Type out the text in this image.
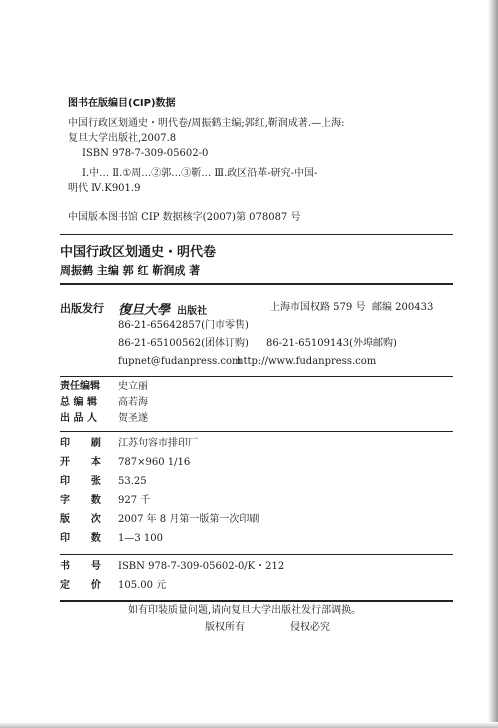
图书在版编目(CIP)数据
中国行政区划通史・明代卷/周振鹤主编;郭红,靳润成著.—上海:
复旦大学出版社,2007.8
ISBN 978-7-309-05602-0
Ⅰ.中… Ⅱ.①周…②郭…③靳… Ⅲ.政区沿革-研究-中国-
明代 Ⅳ.K901.9
中国版本图书馆 CIP 数据核字(2007)第 078087 号
中国行政区划通史・明代卷
周振鹤 主编 郭 红 靳润成 著
出版发行 復旦大學 出版社	上海市国权路 579 号 邮编 200433
86-21-65642857(门市零售)
86-21-65100562(团体订购) 86-21-65109143(外埠邮购)
fupnet@fudanpress.com
http://www.fudanpress.com
责任编辑 史立丽
总 编 辑 高若海
出 品 人 贺圣遂
印      刷 江苏句容市排印厂
开      本 787×960 1/16
印      张 53.25
字      数 927 千
版      次 2007 年 8 月第一版第一次印刷
印      数 1—3 100
书      号 ISBN 978-7-309-05602-0/K・212
定      价 105.00 元
如有印装质量问题,请向复旦大学出版社发行部调换。
版权所有	侵权必究
